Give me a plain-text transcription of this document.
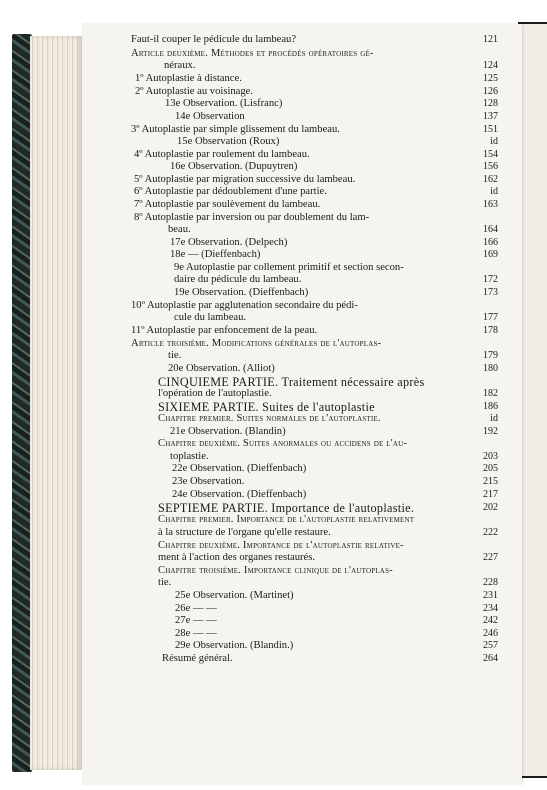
Faut-il couper le pédicule du lambeau?	121
Article deuxième. Méthodes et procédés opératoires gé-
néraux.	124
1º Autoplastie à distance.	125
2º Autoplastie au voisinage.	126
13e Observation. (Lisfranc)	128
14e Observation	137
3º Autoplastie par simple glissement du lambeau.	151
15e Observation (Roux)	id
4º Autoplastie par roulement du lambeau.	154
16e Observation. (Dupuytren)	156
5º Autoplastie par migration successive du lambeau.	162
6º Autoplastie par dédoublement d'une partie.	id
7º Autoplastie par soulèvement du lambeau.	163
8º Autoplastie par inversion ou par doublement du lam-
beau.	164
17e Observation. (Delpech)	166
18e — (Dieffenbach)	169
9e Autoplastie par collement primitif et section secon-
daire du pédicule du lambeau.	172
19e Observation. (Dieffenbach)	173
10º Autoplastie par agglutenation secondaire du pédi-
cule du lambeau.	177
11º Autoplastie par enfoncement de la peau.	178
Article troisième. Modifications générales de l'autoplas-
tie.	179
20e Observation. (Alliot)	180
CINQUIEME PARTIE. Traitement nécessaire après
l'opération de l'autoplastie.	182
SIXIEME PARTIE. Suites de l'autoplastie	186
Chapitre premier. Suites normales de l'autoplastie.	id
21e Observation. (Blandin)	192
Chapitre deuxième. Suites anormales ou accidens de l'au-
toplastie.	203
22e Observation. (Dieffenbach)	205
23e Observation.	215
24e Observation. (Dieffenbach)	217
SEPTIEME PARTIE. Importance de l'autoplastie.	202
Chapitre premier. Importance de l'autoplastie relativement
à la structure de l'organe qu'elle restaure.	222
Chapitre deuxième. Importance de l'autoplastie relative-
ment à l'action des organes restaurés.	227
Chapitre troisième. Importance clinique de l'autoplas-
tie.	228
25e Observation. (Martinet)	231
26e — —	234
27e — —	242
28e — —	246
29e Observation. (Blandin.)	257
Résumé général.	264
